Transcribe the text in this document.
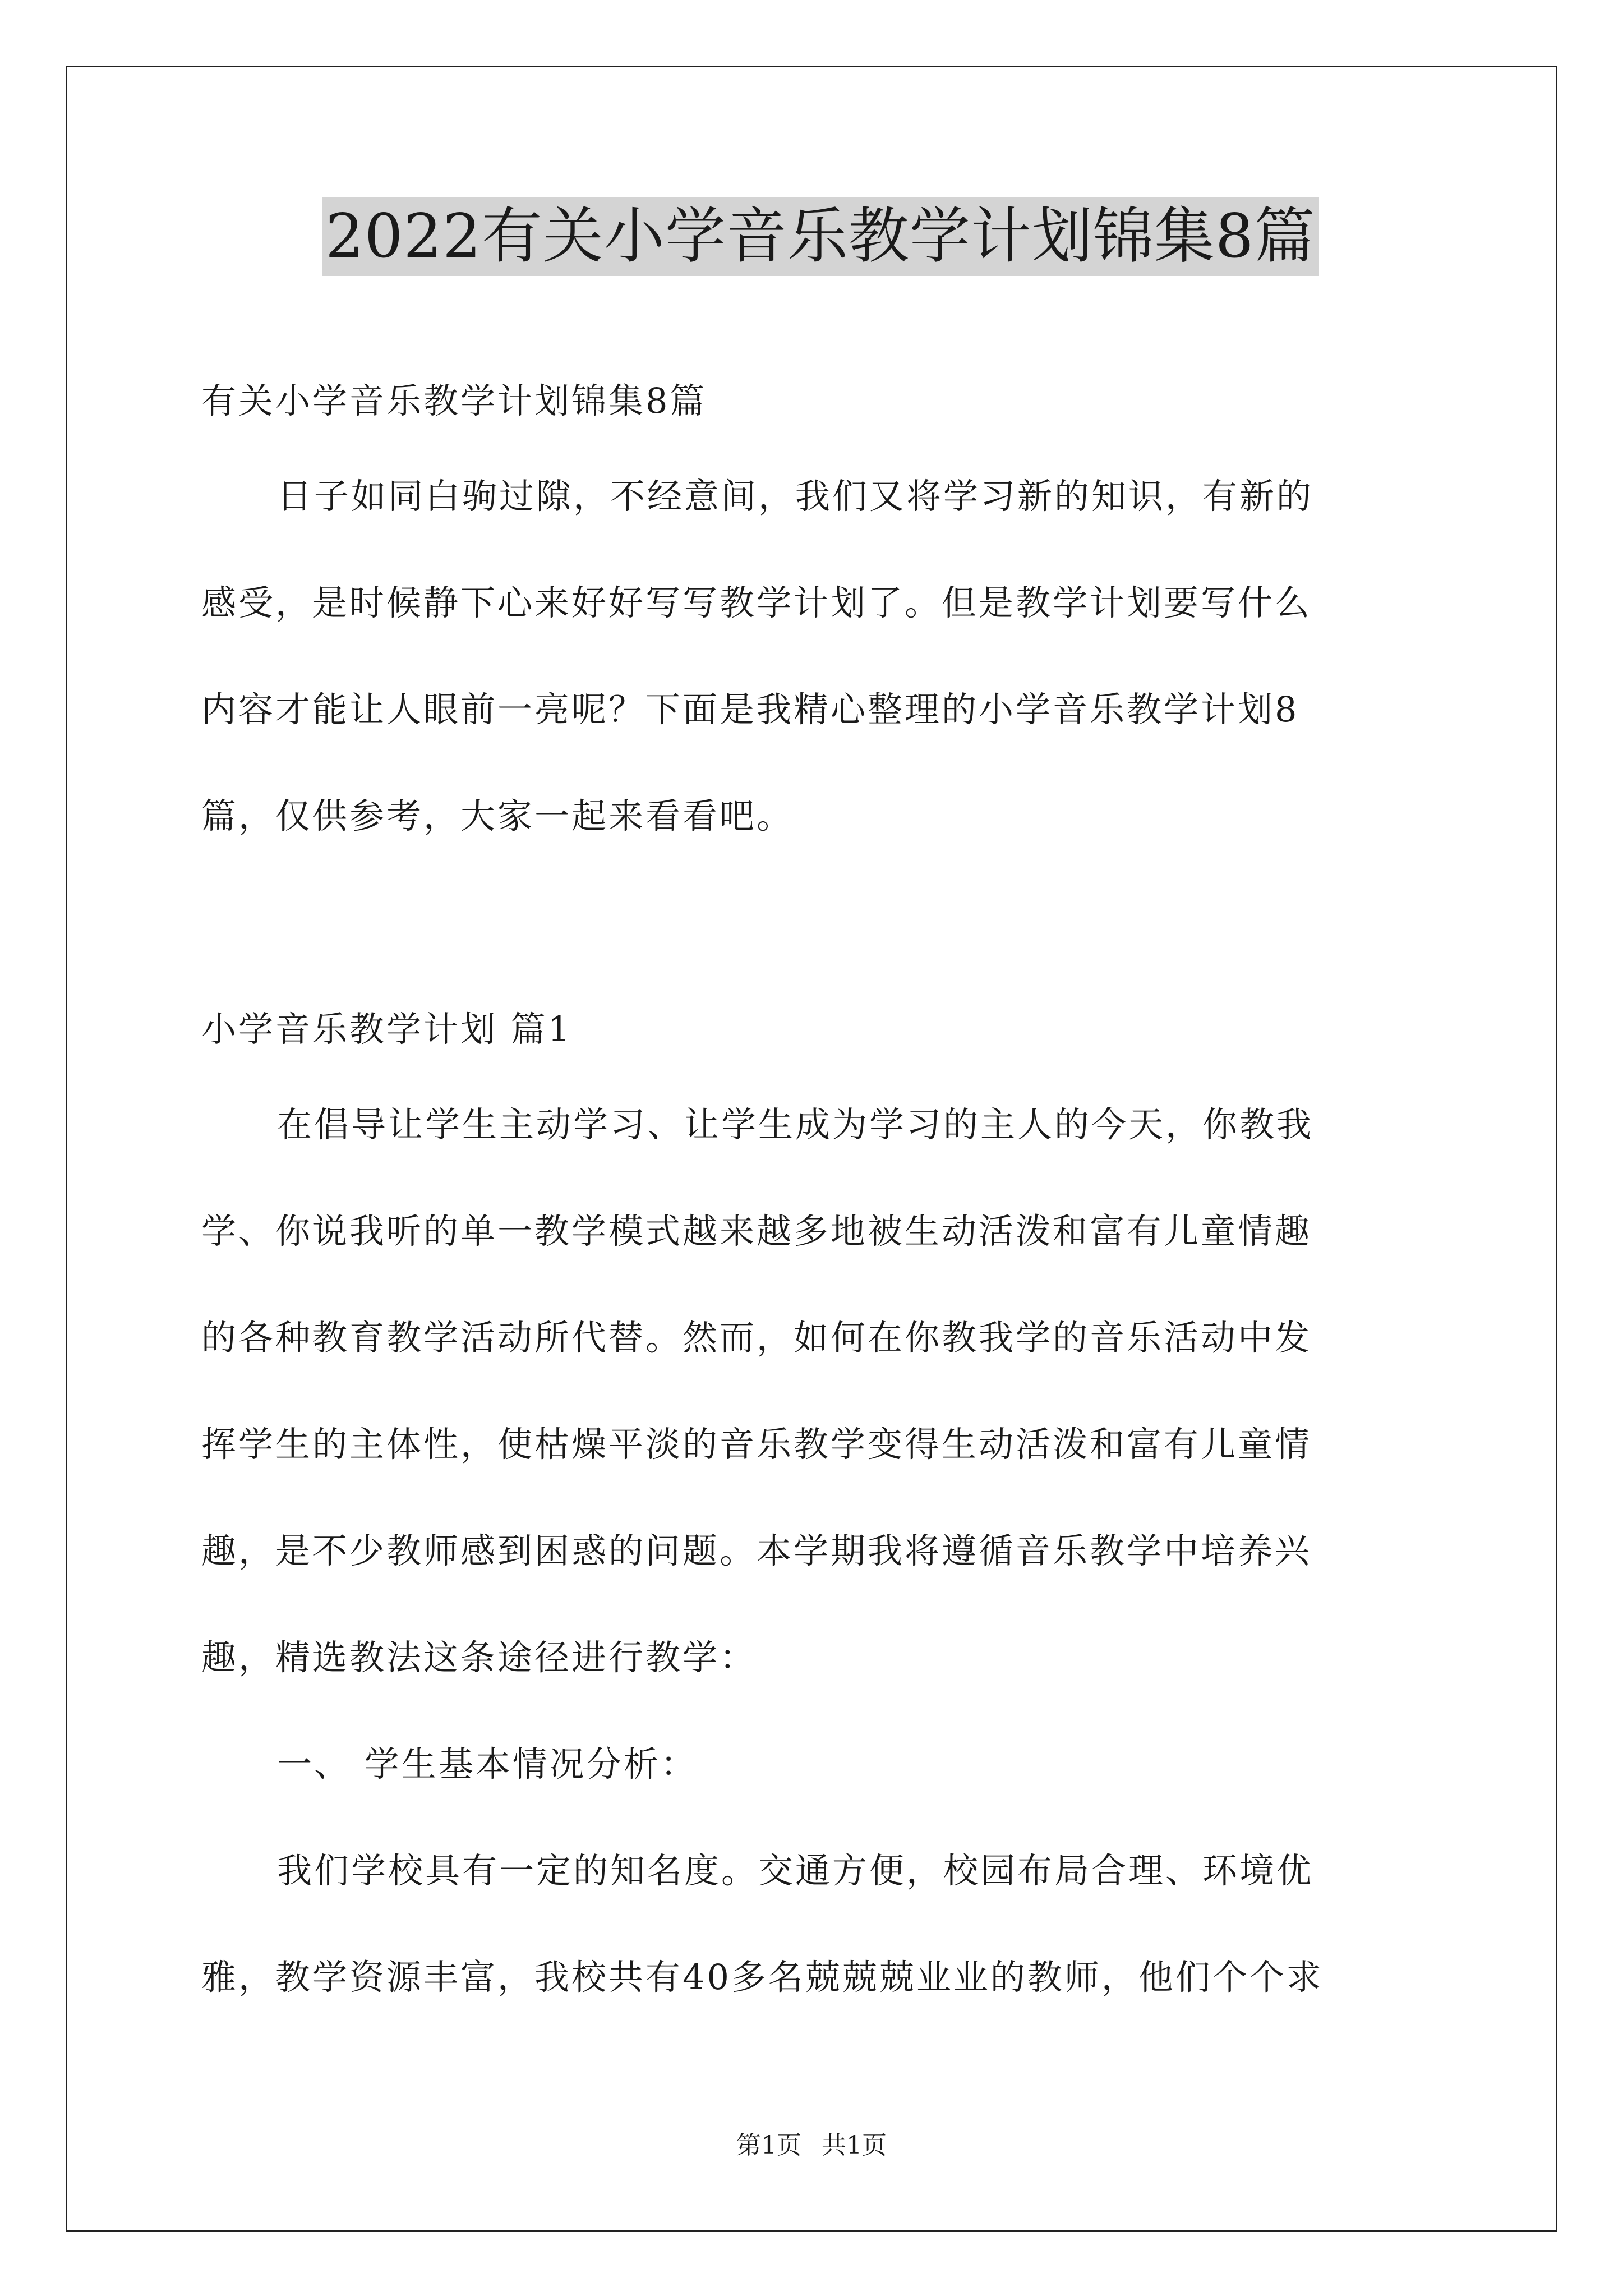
2022有关小学音乐教学计划锦集8篇
有关小学音乐教学计划锦集8篇
日子如同白驹过隙，不经意间，我们又将学习新的知识，有新的
感受，是时候静下心来好好写写教学计划了。但是教学计划要写什么
内容才能让人眼前一亮呢？下面是我精心整理的小学音乐教学计划8
篇，仅供参考，大家一起来看看吧。
小学音乐教学计划 篇1
在倡导让学生主动学习、让学生成为学习的主人的今天，你教我
学、你说我听的单一教学模式越来越多地被生动活泼和富有儿童情趣
的各种教育教学活动所代替。然而，如何在你教我学的音乐活动中发
挥学生的主体性，使枯燥平淡的音乐教学变得生动活泼和富有儿童情
趣，是不少教师感到困惑的问题。本学期我将遵循音乐教学中培养兴
趣，精选教法这条途径进行教学：
一、 学生基本情况分析：
我们学校具有一定的知名度。交通方便，校园布局合理、环境优
雅，教学资源丰富，我校共有40多名兢兢兢业业的教师，他们个个求
第1页 共1页
